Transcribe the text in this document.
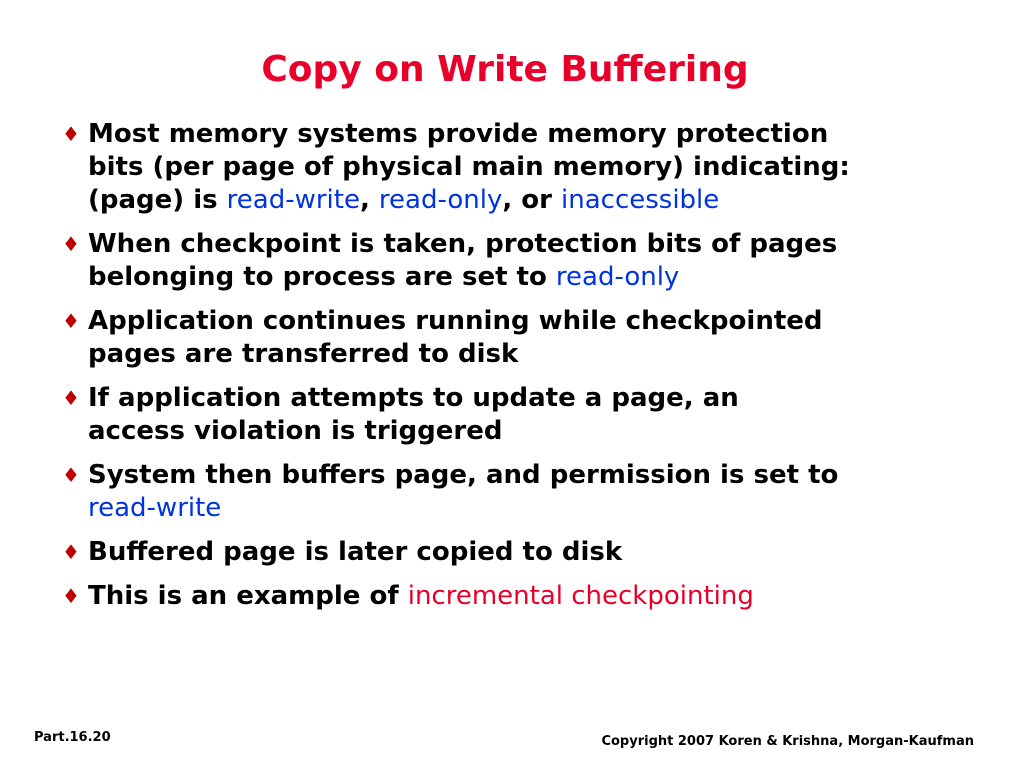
Copy on Write Buffering
♦ Most memory systems provide memory protection
bits (per page of physical main memory) indicating:
(page) is read-write, read-only, or inaccessible
♦ When checkpoint is taken, protection bits of pages
belonging to process are set to read-only
♦ Application continues running while checkpointed
pages are transferred to disk
♦ If application attempts to update a page, an
access violation is triggered
♦ System then buffers page, and permission is set to
read-write
♦ Buffered page is later copied to disk
♦ This is an example of incremental checkpointing
Part.16.20	Copyright 2007 Koren & Krishna, Morgan-Kaufman
